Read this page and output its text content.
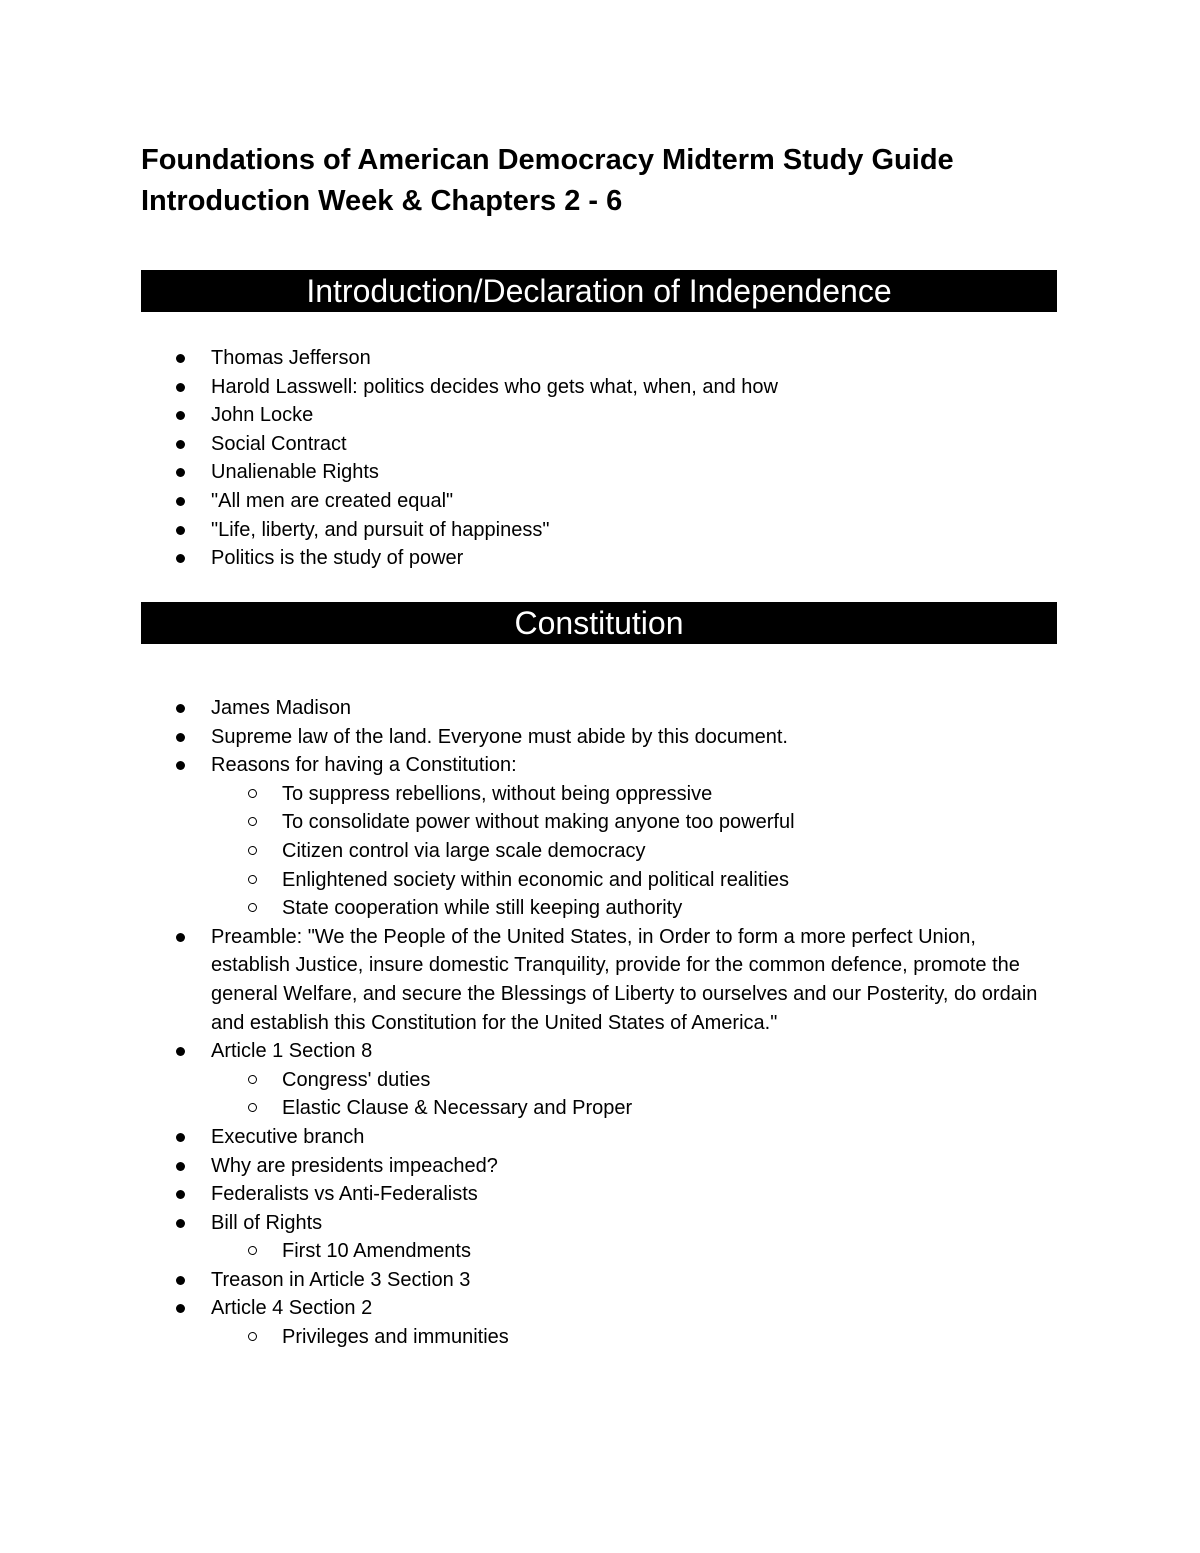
Foundations of American Democracy Midterm Study Guide
Introduction Week & Chapters 2 - 6
Introduction/Declaration of Independence
Thomas Jefferson
Harold Lasswell: politics decides who gets what, when, and how
John Locke
Social Contract
Unalienable Rights
"All men are created equal"
"Life, liberty, and pursuit of happiness"
Politics is the study of power
Constitution
James Madison
Supreme law of the land. Everyone must abide by this document.
Reasons for having a Constitution:
To suppress rebellions, without being oppressive
To consolidate power without making anyone too powerful
Citizen control via large scale democracy
Enlightened society within economic and political realities
State cooperation while still keeping authority
Preamble: "We the People of the United States, in Order to form a more perfect Union, establish Justice, insure domestic Tranquility, provide for the common defence, promote the general Welfare, and secure the Blessings of Liberty to ourselves and our Posterity, do ordain and establish this Constitution for the United States of America."
Article 1 Section 8
Congress' duties
Elastic Clause & Necessary and Proper
Executive branch
Why are presidents impeached?
Federalists vs Anti-Federalists
Bill of Rights
First 10 Amendments
Treason in Article 3 Section 3
Article 4 Section 2
Privileges and immunities
